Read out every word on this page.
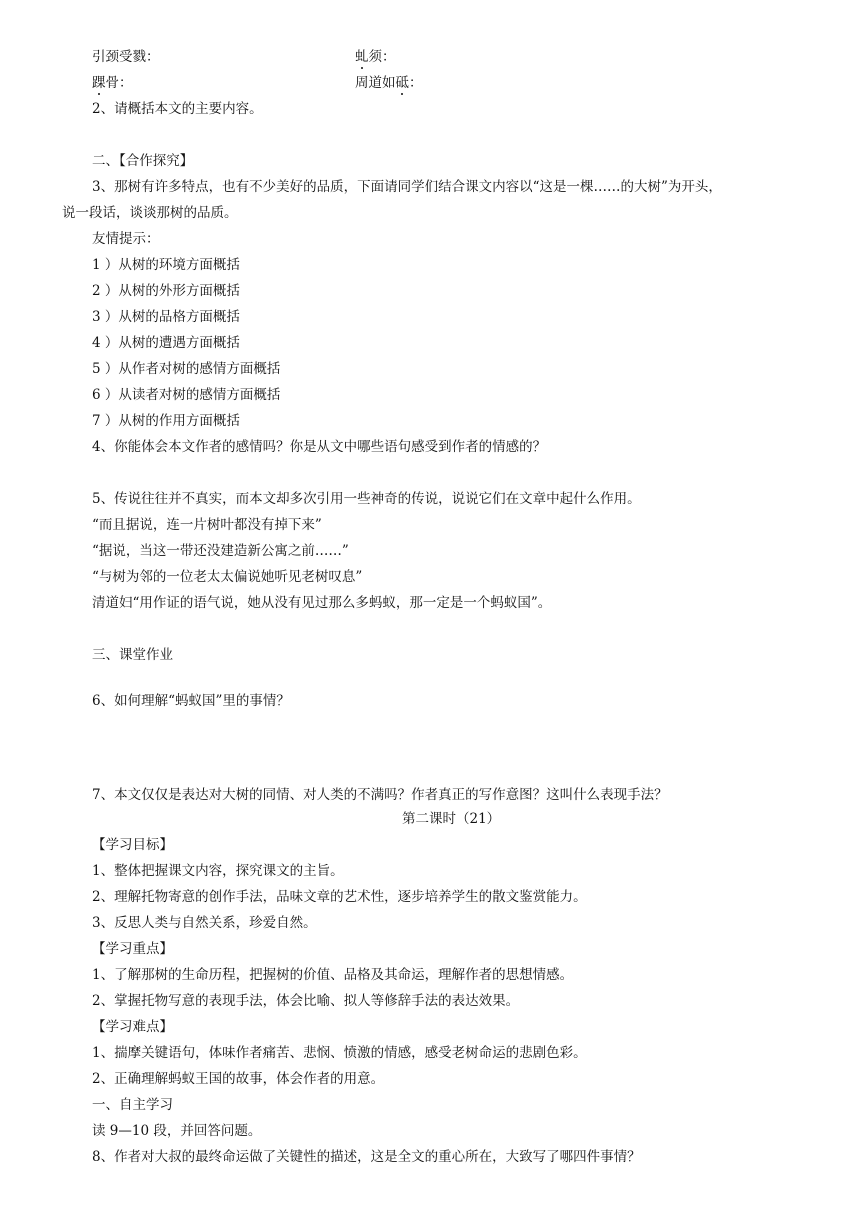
引颈受戮：	虬须：
踝骨：	周道如砥：
2、请概括本文的主要内容。
二、【合作探究】
3、那树有许多特点，也有不少美好的品质，下面请同学们结合课文内容以“这是一棵……的大树”为开头，
说一段话，谈谈那树的品质。
友情提示：
1 ）从树的环境方面概括
2 ）从树的外形方面概括
3 ）从树的品格方面概括
4 ）从树的遭遇方面概括
5 ）从作者对树的感情方面概括
6 ）从读者对树的感情方面概括
7 ）从树的作用方面概括
4、你能体会本文作者的感情吗？你是从文中哪些语句感受到作者的情感的？
5、传说往往并不真实，而本文却多次引用一些神奇的传说，说说它们在文章中起什么作用。
“而且据说，连一片树叶都没有掉下来”
“据说，当这一带还没建造新公寓之前……”
“与树为邻的一位老太太偏说她听见老树叹息”
清道妇“用作证的语气说，她从没有见过那么多蚂蚁，那一定是一个蚂蚁国”。
三、课堂作业
6、如何理解“蚂蚁国”里的事情？
7、本文仅仅是表达对大树的同情、对人类的不满吗？作者真正的写作意图？这叫什么表现手法？
第二课时（21）
【学习目标】
1、整体把握课文内容，探究课文的主旨。
2、理解托物寄意的创作手法，品味文章的艺术性，逐步培养学生的散文鉴赏能力。
3、反思人类与自然关系，珍爱自然。
【学习重点】
1、了解那树的生命历程，把握树的价值、品格及其命运，理解作者的思想情感。
2、掌握托物写意的表现手法，体会比喻、拟人等修辞手法的表达效果。
【学习难点】
1、揣摩关键语句，体味作者痛苦、悲悯、愤激的情感，感受老树命运的悲剧色彩。
2、正确理解蚂蚁王国的故事，体会作者的用意。
一、自主学习
读 9—10 段，并回答问题。
8、作者对大叔的最终命运做了关键性的描述，这是全文的重心所在，大致写了哪四件事情？
